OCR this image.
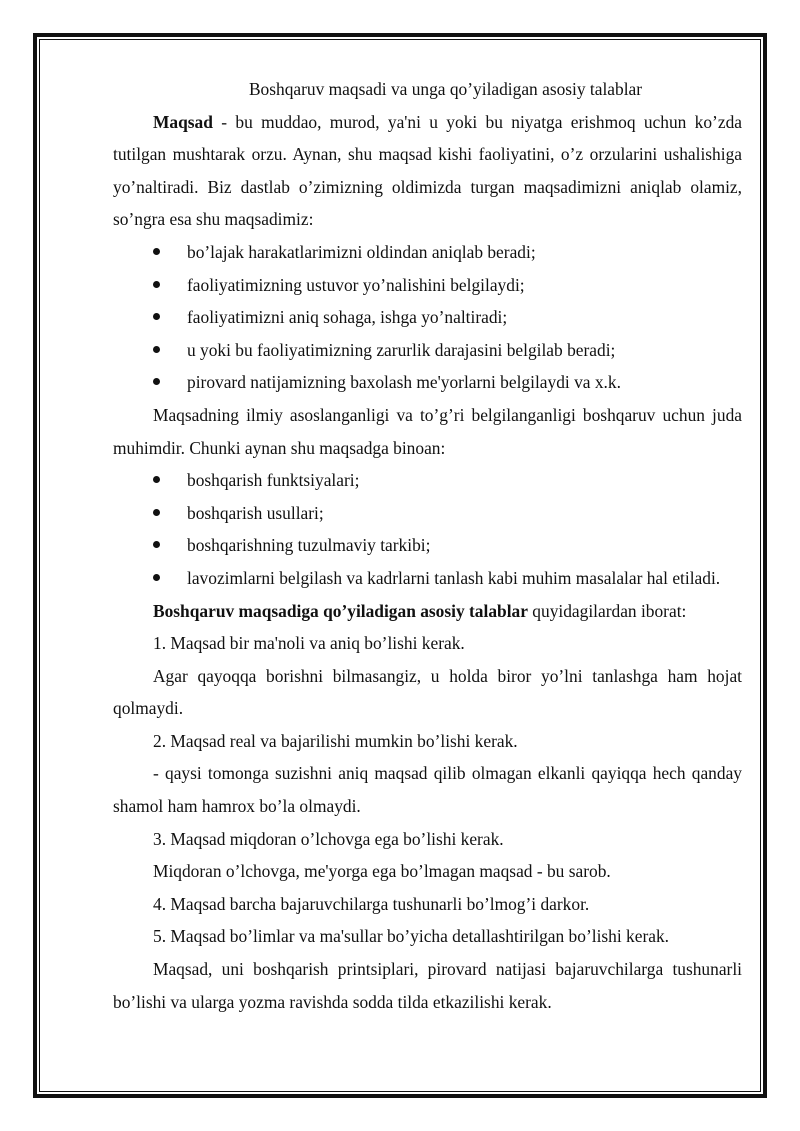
Boshqaruv maqsadi va unga qo’yiladigan asosiy talablar

Maqsad - bu muddao, murod, ya'ni u yoki bu niyatga erishmoq uchun ko’zda tutilgan mushtarak orzu. Aynan, shu maqsad kishi faoliyatini, o’z orzularini ushalishiga yo’naltiradi. Biz dastlab o’zimizning oldimizda turgan maqsadimizni aniqlab olamiz, so’ngra esa shu maqsadimiz:

bo’lajak harakatlarimizni oldindan aniqlab beradi;
faoliyatimizning ustuvor yo’nalishini belgilaydi;
faoliyatimizni aniq sohaga, ishga yo’naltiradi;
u yoki bu faoliyatimizning zarurlik darajasini belgilab beradi;
pirovard natijamizning baxolash me'yorlarni belgilaydi va x.k.

Maqsadning ilmiy asoslanganligi va to’g’ri belgilanganligi boshqaruv uchun juda muhimdir. Chunki aynan shu maqsadga binoan:

boshqarish funktsiyalari;
boshqarish usullari;
boshqarishning tuzulmaviy tarkibi;
lavozimlarni belgilash va kadrlarni tanlash kabi muhim masalalar hal etiladi.

Boshqaruv maqsadiga qo’yiladigan asosiy talablar quyidagilardan iborat:

1. Maqsad bir ma'noli va aniq bo’lishi kerak.

Agar qayoqqa borishni bilmasangiz, u holda biror yo’lni tanlashga ham hojat qolmaydi.

2. Maqsad real va bajarilishi mumkin bo’lishi kerak.

- qaysi tomonga suzishni aniq maqsad qilib olmagan elkanli qayiqqa hech qanday shamol ham hamrox bo’la olmaydi.

3. Maqsad miqdoran o’lchovga ega bo’lishi kerak.

Miqdoran o’lchovga, me'yorga ega bo’lmagan maqsad - bu sarob.

4. Maqsad barcha bajaruvchilarga tushunarli bo’lmog’i darkor.

5. Maqsad bo’limlar va ma'sullar bo’yicha detallashtirilgan bo’lishi kerak.

Maqsad, uni boshqarish printsiplari, pirovard natijasi bajaruvchilarga tushunarli bo’lishi va ularga yozma ravishda sodda tilda etkazilishi kerak.
